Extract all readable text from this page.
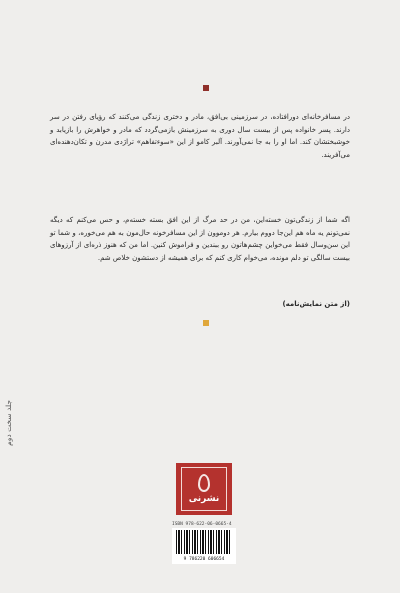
در مسافرخانه‌ای دورافتاده، در سرزمینی بی‌افق، مادر و دختری زندگی می‌کنند که رؤیای رفتن در سر دارند. پسر خانواده پس از بیست سال دوری به سرزمینش بازمی‌گردد که مادر و خواهرش را بازیابد و خوشبختشان کند. اما او را به جا نمی‌آورند. آلبر کامو از این «سوءتفاهم» تراژدی مدرن و تکان‌دهنده‌ای می‌آفریند.

اگه شما از زندگی‌تون خسته‌این، من در حد مرگ از این افق بسته خسته‌م، و حس می‌کنم که دیگه نمی‌تونم یه ماه هم این‌جا دووم بیارم. هر دوموون از این مسافرخونه حال‌مون به هم می‌خوره، و شما تو این سن‌وسال فقط می‌خواین چشم‌هاتون رو ببندین و فراموش کنین. اما من که هنوز ذره‌ای از آرزوهای بیست سالگی تو دلم مونده، می‌خوام کاری کنم که برای همیشه از دستشون خلاص شم.

(از متن نمایش‌نامه)

جلد سخت دوم
نشرنی
ISBN 978-622-06-0665-4
9 786220 606654
